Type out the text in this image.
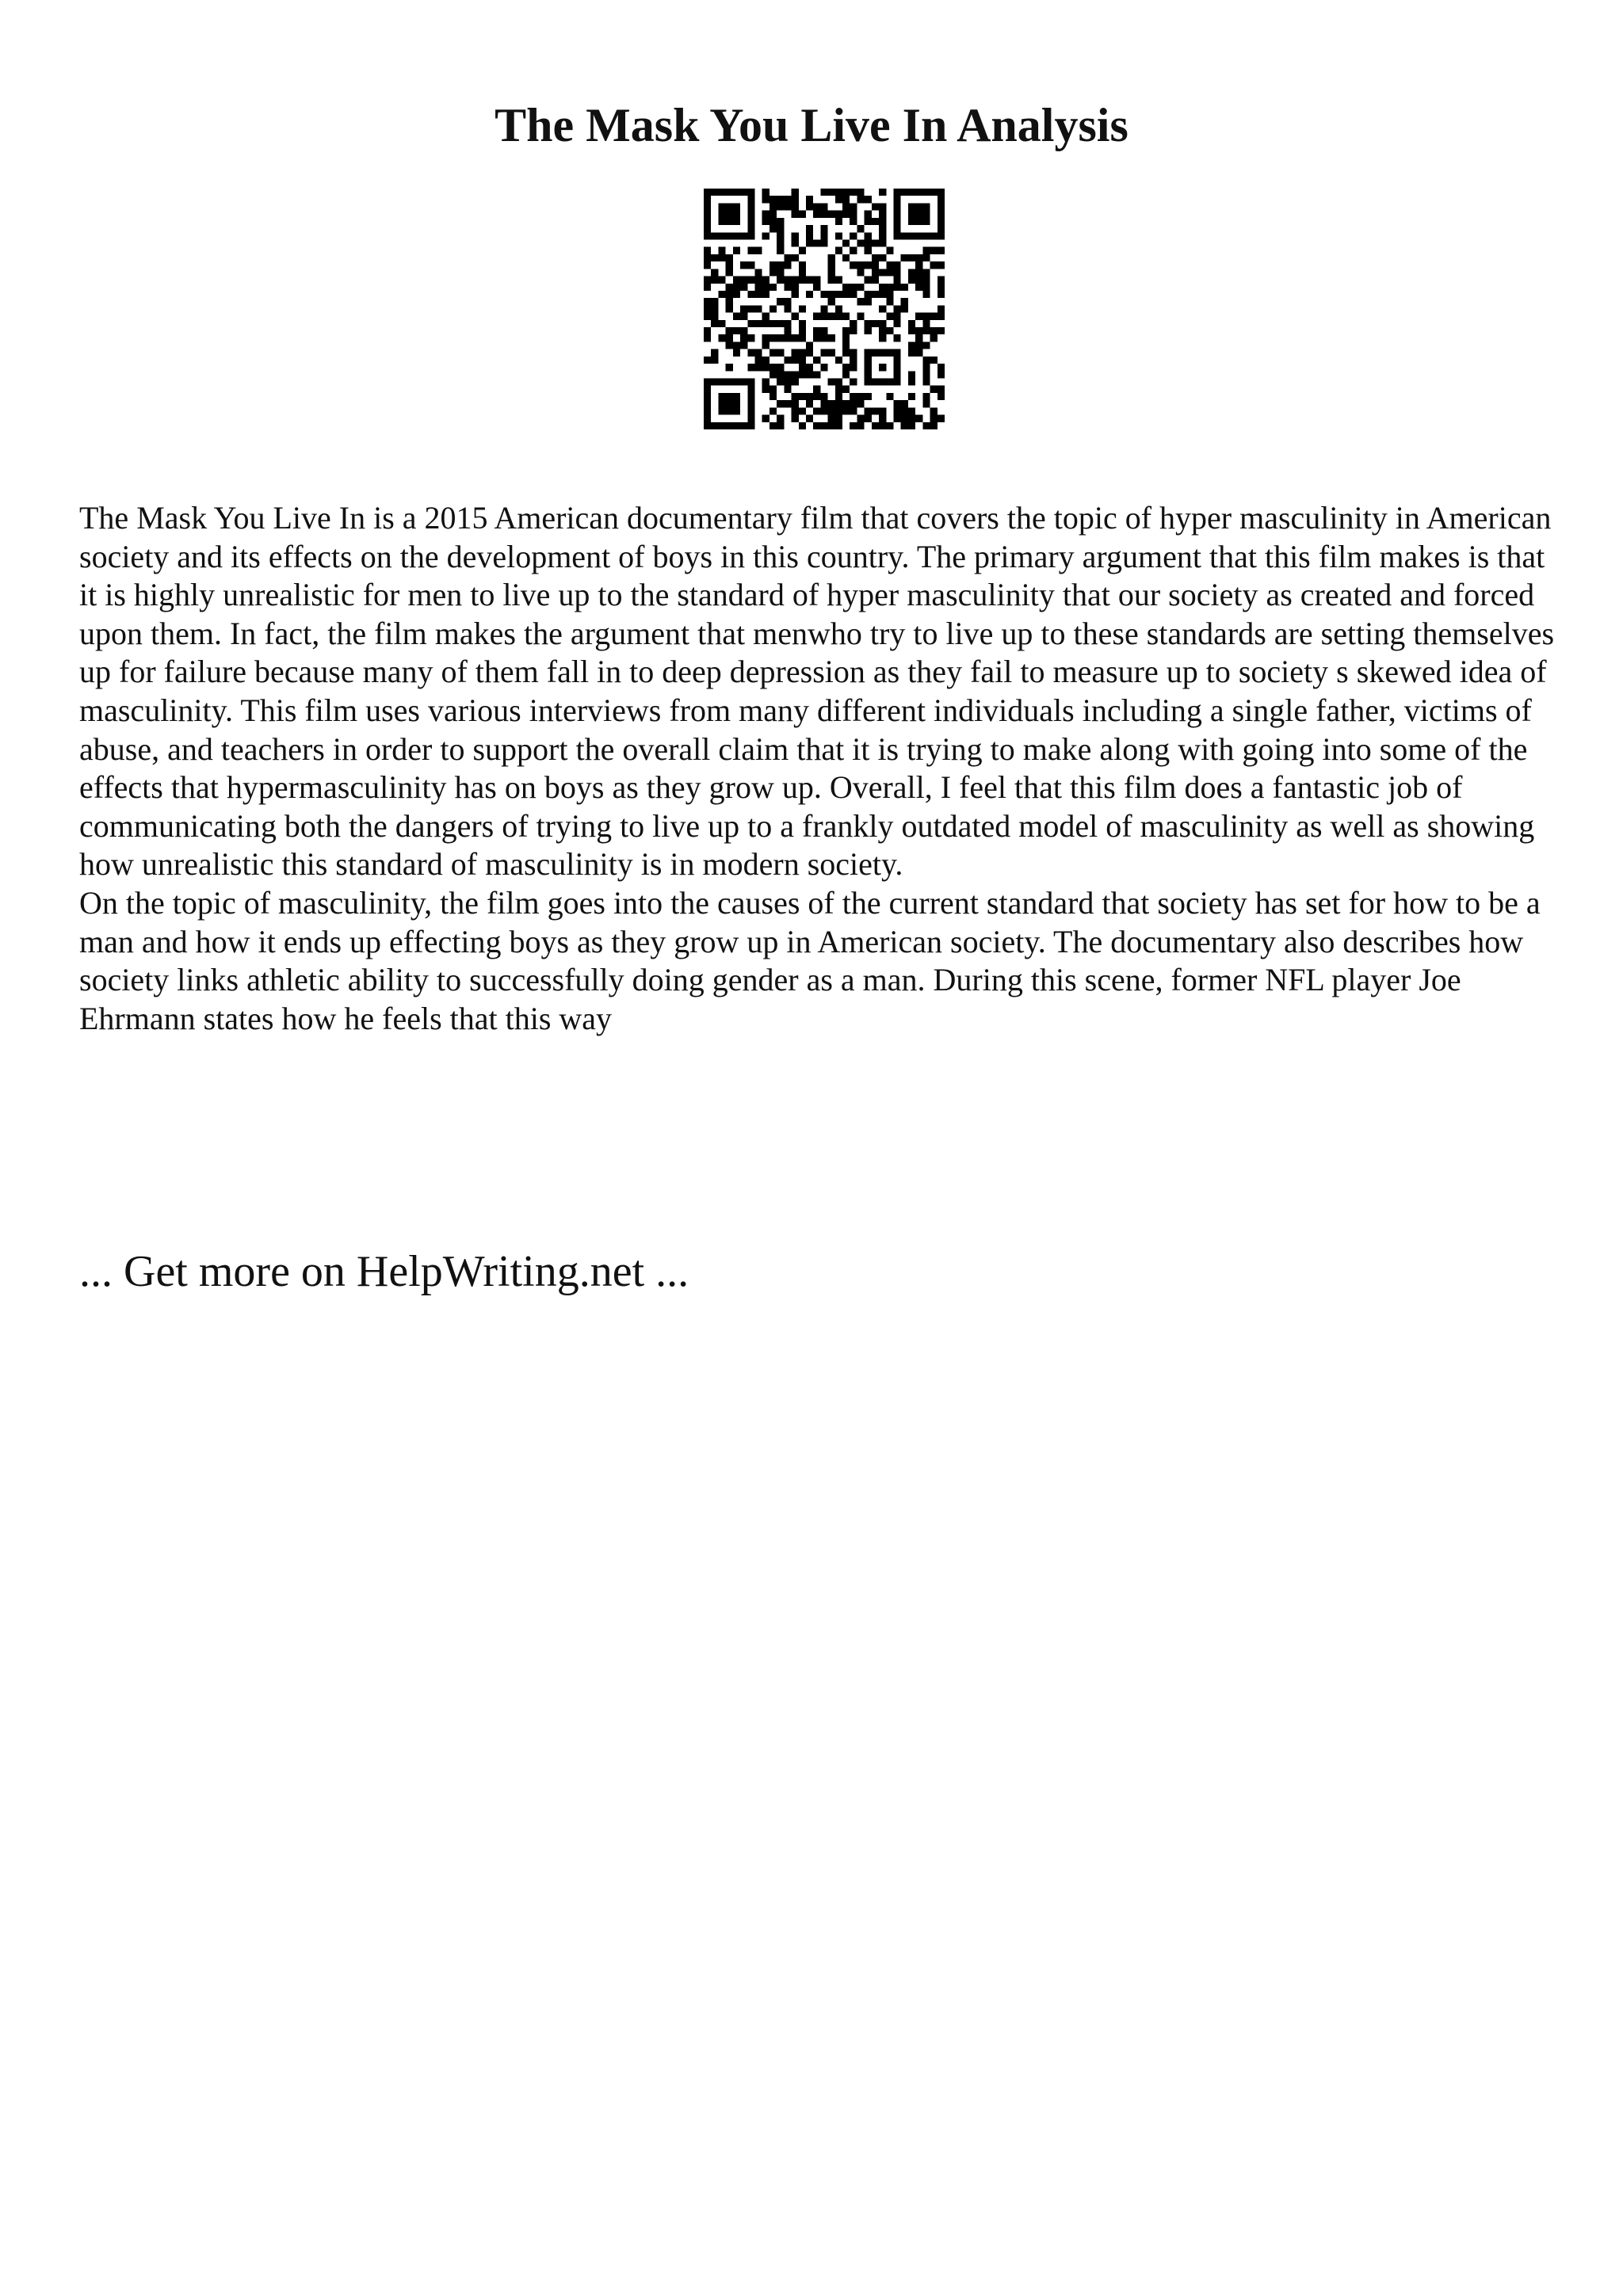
The Mask You Live In Analysis

The Mask You Live In is a 2015 American documentary film that covers the topic of hyper masculinity in American society and its effects on the development of boys in this country. The primary argument that this film makes is that it is highly unrealistic for men to live up to the standard of hyper masculinity that our society as created and forced upon them. In fact, the film makes the argument that menwho try to live up to these standards are setting themselves up for failure because many of them fall in to deep depression as they fail to measure up to society s skewed idea of masculinity. This film uses various interviews from many different individuals including a single father, victims of abuse, and teachers in order to support the overall claim that it is trying to make along with going into some of the effects that hypermasculinity has on boys as they grow up. Overall, I feel that this film does a fantastic job of communicating both the dangers of trying to live up to a frankly outdated model of masculinity as well as showing how unrealistic this standard of masculinity is in modern society.

On the topic of masculinity, the film goes into the causes of the current standard that society has set for how to be a man and how it ends up effecting boys as they grow up in American society. The documentary also describes how society links athletic ability to successfully doing gender as a man. During this scene, former NFL player Joe Ehrmann states how he feels that this way

... Get more on HelpWriting.net ...
